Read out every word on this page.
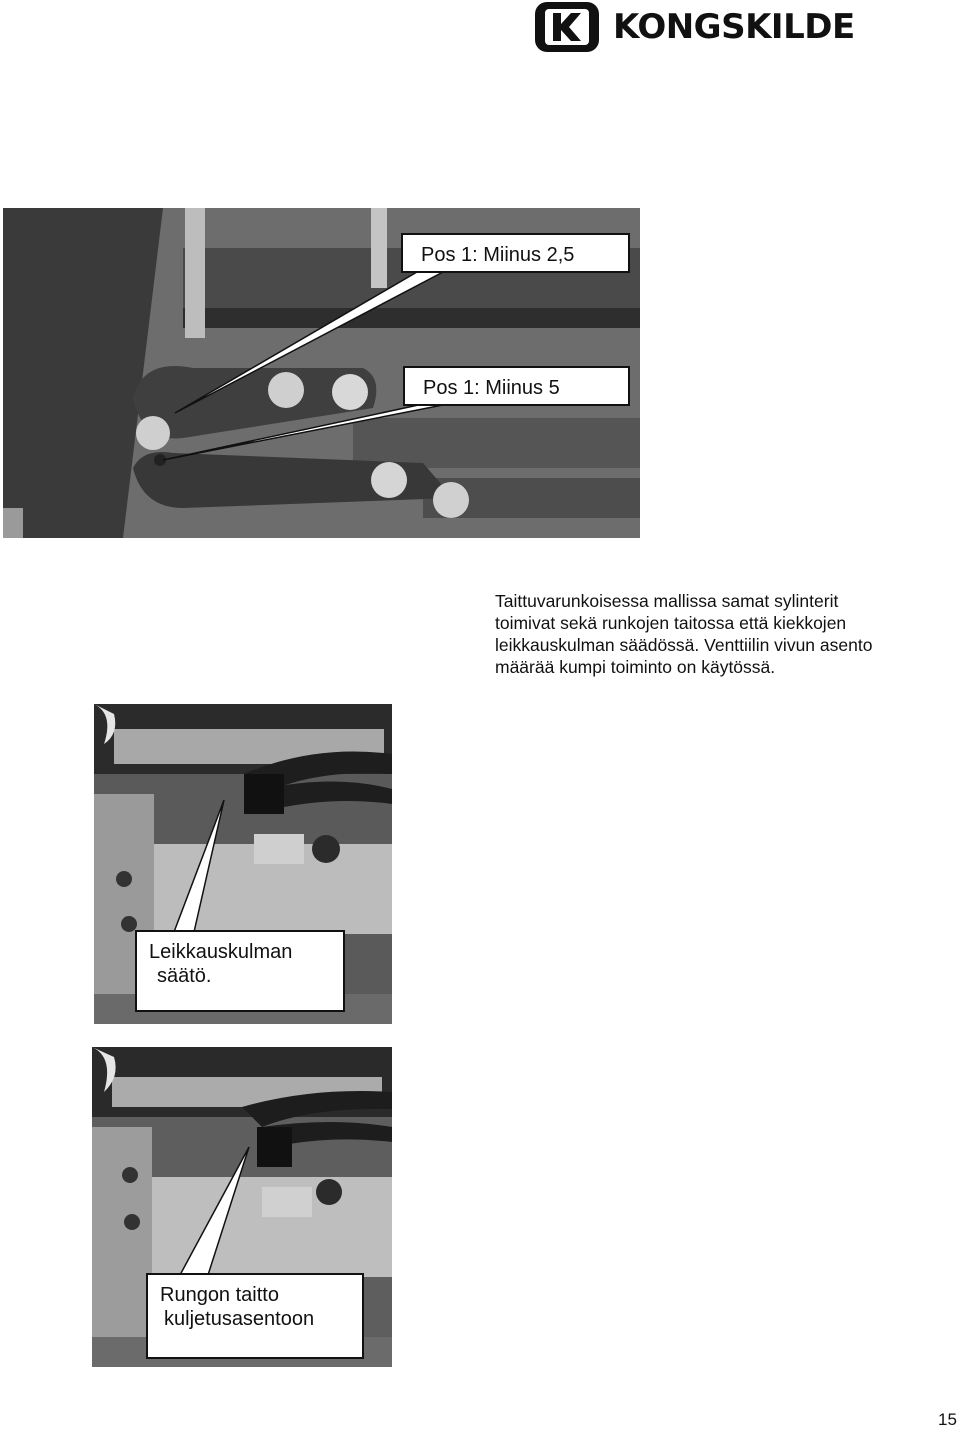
KONGSKILDE
Pos 1: Miinus 2,5
Pos 1: Miinus 5
Taittuvarunkoisessa mallissa samat sylinterit
toimivat sekä runkojen taitossa että kiekkojen
leikkauskulman säädössä. Venttiilin vivun asento
määrää kumpi toiminto on käytössä.
Leikkauskulman
säätö.
Rungon taitto
kuljetusasentoon
15
